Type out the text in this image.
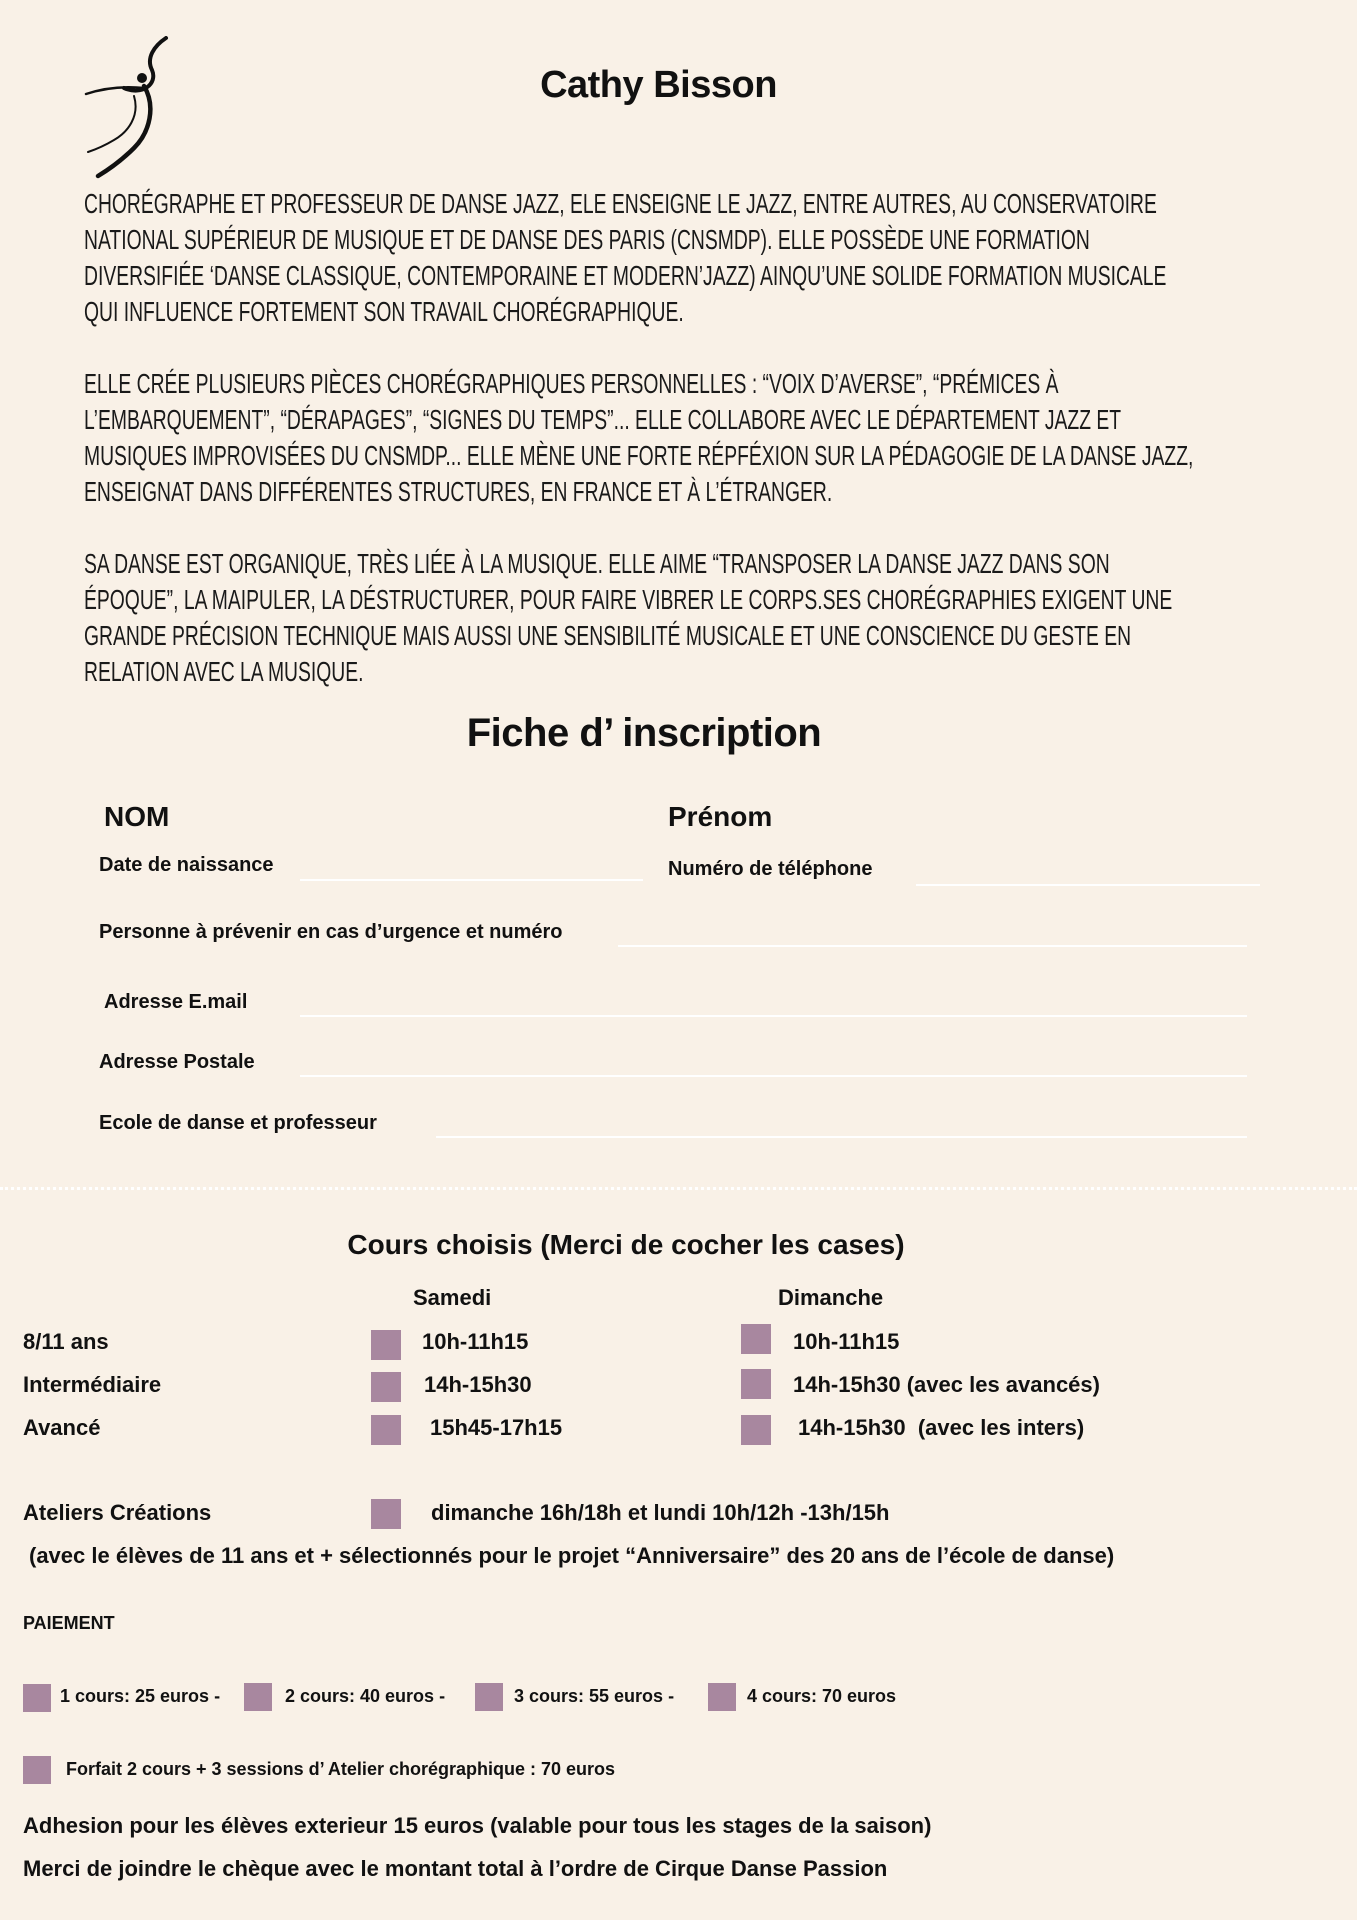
Cathy Bisson
CHORÉGRAPHE ET PROFESSEUR DE DANSE JAZZ, ELE ENSEIGNE LE JAZZ, ENTRE AUTRES, AU CONSERVATOIRE
NATIONAL SUPÉRIEUR DE MUSIQUE ET DE DANSE DES PARIS (CNSMDP). ELLE POSSÈDE UNE FORMATION
DIVERSIFIÉE ‘DANSE CLASSIQUE, CONTEMPORAINE ET MODERN’JAZZ) AINQU’UNE SOLIDE FORMATION MUSICALE
QUI INFLUENCE FORTEMENT SON TRAVAIL CHORÉGRAPHIQUE.
ELLE CRÉE PLUSIEURS PIÈCES CHORÉGRAPHIQUES PERSONNELLES : “VOIX D’AVERSE”, “PRÉMICES À
L’EMBARQUEMENT”, “DÉRAPAGES”, “SIGNES DU TEMPS”... ELLE COLLABORE AVEC LE DÉPARTEMENT JAZZ ET
MUSIQUES IMPROVISÉES DU CNSMDP... ELLE MÈNE UNE FORTE RÉPFÉXION SUR LA PÉDAGOGIE DE LA DANSE JAZZ,
ENSEIGNAT DANS DIFFÉRENTES STRUCTURES, EN FRANCE ET À L’ÉTRANGER.
SA DANSE EST ORGANIQUE, TRÈS LIÉE À LA MUSIQUE. ELLE AIME “TRANSPOSER LA DANSE JAZZ DANS SON
ÉPOQUE”, LA MAIPULER, LA DÉSTRUCTURER, POUR FAIRE VIBRER LE CORPS.SES CHORÉGRAPHIES EXIGENT UNE
GRANDE PRÉCISION TECHNIQUE MAIS AUSSI UNE SENSIBILITÉ MUSICALE ET UNE CONSCIENCE DU GESTE EN
RELATION AVEC LA MUSIQUE.
Fiche d’ inscription
NOM	Prénom
Date de naissance	Numéro de téléphone
Personne à prévenir en cas d’urgence et numéro
Adresse E.mail
Adresse Postale
Ecole de danse et professeur
Cours choisis (Merci de cocher les cases)
Samedi	Dimanche
8/11 ans	10h-11h15	10h-11h15
Intermédiaire	14h-15h30	14h-15h30 (avec les avancés)
Avancé	15h45-17h15	14h-15h30  (avec les inters)
Ateliers Créations	dimanche 16h/18h et lundi 10h/12h -13h/15h
(avec le élèves de 11 ans et + sélectionnés pour le projet “Anniversaire” des 20 ans de l’école de danse)
PAIEMENT
1 cours: 25 euros -	2 cours: 40 euros -	3 cours: 55 euros -	4 cours: 70 euros
Forfait 2 cours + 3 sessions d’ Atelier chorégraphique : 70 euros
Adhesion pour les élèves exterieur 15 euros (valable pour tous les stages de la saison)
Merci de joindre le chèque avec le montant total à l’ordre de Cirque Danse Passion
